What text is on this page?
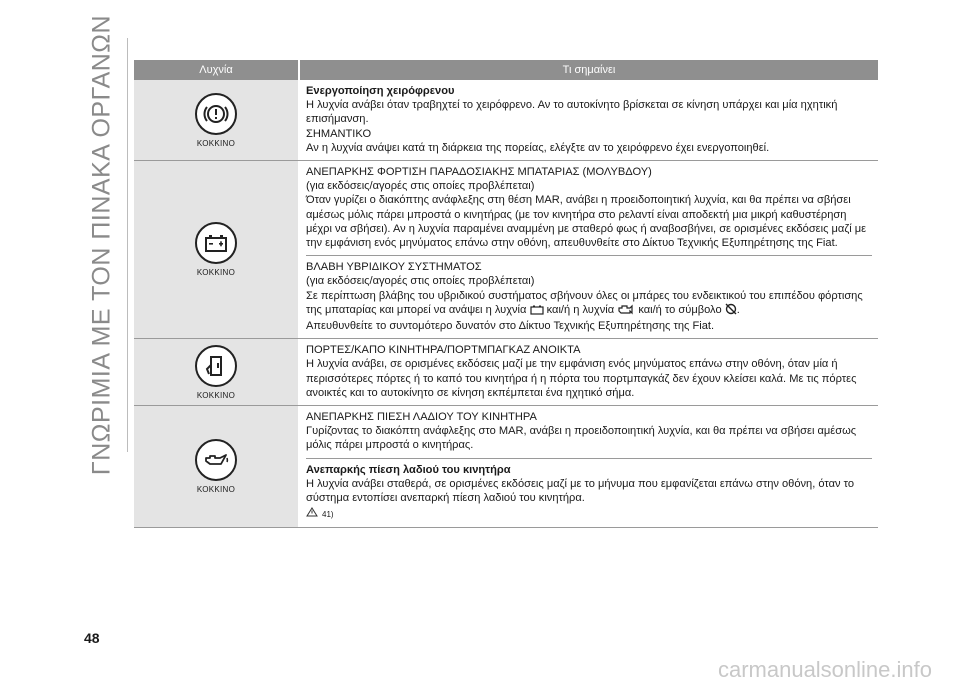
ΓΝΩΡΙΜΙΑ ΜΕ ΤΟΝ ΠΙΝΑΚΑ ΟΡΓΑΝΩΝ	Λυχνία	Τι σημαίνει
ΚΟΚΚΙΝΟ
Ενεργοποίηση χειρόφρενου
Η λυχνία ανάβει όταν τραβηχτεί το χειρόφρενο. Αν το αυτοκίνητο βρίσκεται σε κίνηση υπάρχει και μία ηχητική επισήμανση.
ΣΗΜΑΝΤΙΚΟ
Αν η λυχνία ανάψει κατά τη διάρκεια της πορείας, ελέγξτε αν το χειρόφρενο έχει ενεργοποιηθεί.
ΚΟΚΚΙΝΟ
ΑΝΕΠΑΡΚΗΣ ΦΟΡΤΙΣΗ ΠΑΡΑΔΟΣΙΑΚΗΣ ΜΠΑΤΑΡΙΑΣ (ΜΟΛΥΒΔΟΥ)
(για εκδόσεις/αγορές στις οποίες προβλέπεται)
Όταν γυρίζει ο διακόπτης ανάφλεξης στη θέση MAR, ανάβει η προειδοποιητική λυχνία, και θα πρέπει να σβήσει αμέσως μόλις πάρει μπροστά ο κινητήρας (με τον κινητήρα στο ρελαντί είναι αποδεκτή μια μικρή καθυστέρηση μέχρι να σβήσει). Αν η λυχνία παραμένει αναμμένη με σταθερό φως ή αναβοσβήνει, σε ορισμένες εκδόσεις μαζί με την εμφάνιση ενός μηνύματος επάνω στην οθόνη, απευθυνθείτε στο Δίκτυο Τεχνικής Εξυπηρέτησης της Fiat.
ΒΛΑΒΗ ΥΒΡΙΔΙΚΟΥ ΣΥΣΤΗΜΑΤΟΣ
(για εκδόσεις/αγορές στις οποίες προβλέπεται)
Σε περίπτωση βλάβης του υβριδικού συστήματος σβήνουν όλες οι μπάρες του ενδεικτικού του επιπέδου φόρτισης της μπαταρίας και μπορεί να ανάψει η λυχνία και/ή η λυχνία και/ή το σύμβολο .
Απευθυνθείτε το συντομότερο δυνατόν στο Δίκτυο Τεχνικής Εξυπηρέτησης της Fiat.
ΚΟΚΚΙΝΟ
ΠΟΡΤΕΣ/ΚΑΠΟ ΚΙΝΗΤΗΡΑ/ΠΟΡΤΜΠΑΓΚΑΖ ΑΝΟΙΚΤΑ
Η λυχνία ανάβει, σε ορισμένες εκδόσεις μαζί με την εμφάνιση ενός μηνύματος επάνω στην οθόνη, όταν μία ή περισσότερες πόρτες ή το καπό του κινητήρα ή η πόρτα του πορτμπαγκάζ δεν έχουν κλείσει καλά. Με τις πόρτες ανοικτές και το αυτοκίνητο σε κίνηση εκπέμπεται ένα ηχητικό σήμα.
ΚΟΚΚΙΝΟ
ΑΝΕΠΑΡΚΗΣ ΠΙΕΣΗ ΛΑΔΙΟΥ ΤΟΥ ΚΙΝΗΤΗΡΑ
Γυρίζοντας το διακόπτη ανάφλεξης στο MAR, ανάβει η προειδοποιητική λυχνία, και θα πρέπει να σβήσει αμέσως μόλις πάρει μπροστά ο κινητήρας.
Ανεπαρκής πίεση λαδιού του κινητήρα
Η λυχνία ανάβει σταθερά, σε ορισμένες εκδόσεις μαζί με το μήνυμα που εμφανίζεται επάνω στην οθόνη, όταν το σύστημα εντοπίσει ανεπαρκή πίεση λαδιού του κινητήρα.
41)
48
carmanualsonline.info
